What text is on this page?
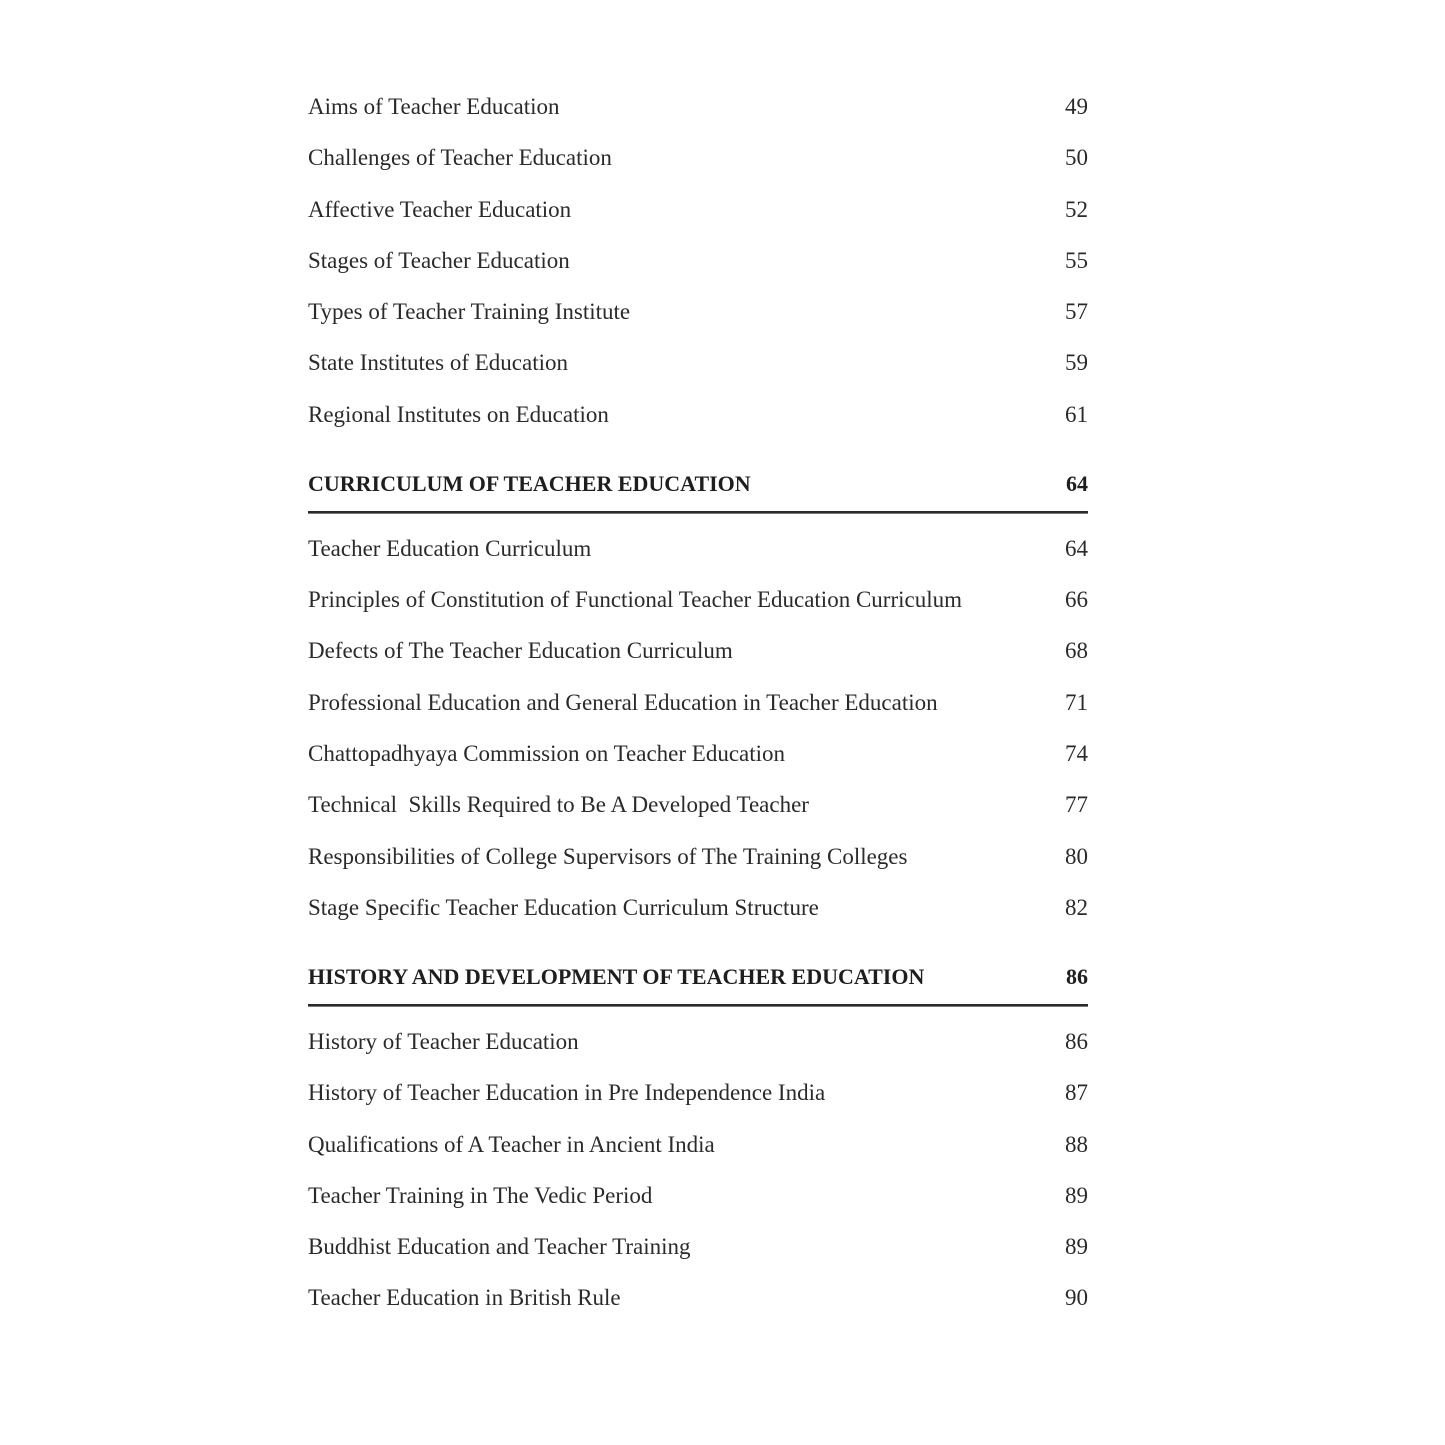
Aims of Teacher Education	49
Challenges of Teacher Education	50
Affective Teacher Education	52
Stages of Teacher Education	55
Types of Teacher Training Institute	57
State Institutes of Education	59
Regional Institutes on Education	61
CURRICULUM OF TEACHER EDUCATION	64
Teacher Education Curriculum	64
Principles of Constitution of Functional Teacher Education Curriculum	66
Defects of The Teacher Education Curriculum	68
Professional Education and General Education in Teacher Education	71
Chattopadhyaya Commission on Teacher Education	74
Technical  Skills Required to Be A Developed Teacher	77
Responsibilities of College Supervisors of The Training Colleges	80
Stage Specific Teacher Education Curriculum Structure	82
HISTORY AND DEVELOPMENT OF TEACHER EDUCATION	86
History of Teacher Education	86
History of Teacher Education in Pre Independence India	87
Qualifications of A Teacher in Ancient India	88
Teacher Training in The Vedic Period	89
Buddhist Education and Teacher Training	89
Teacher Education in British Rule	90
